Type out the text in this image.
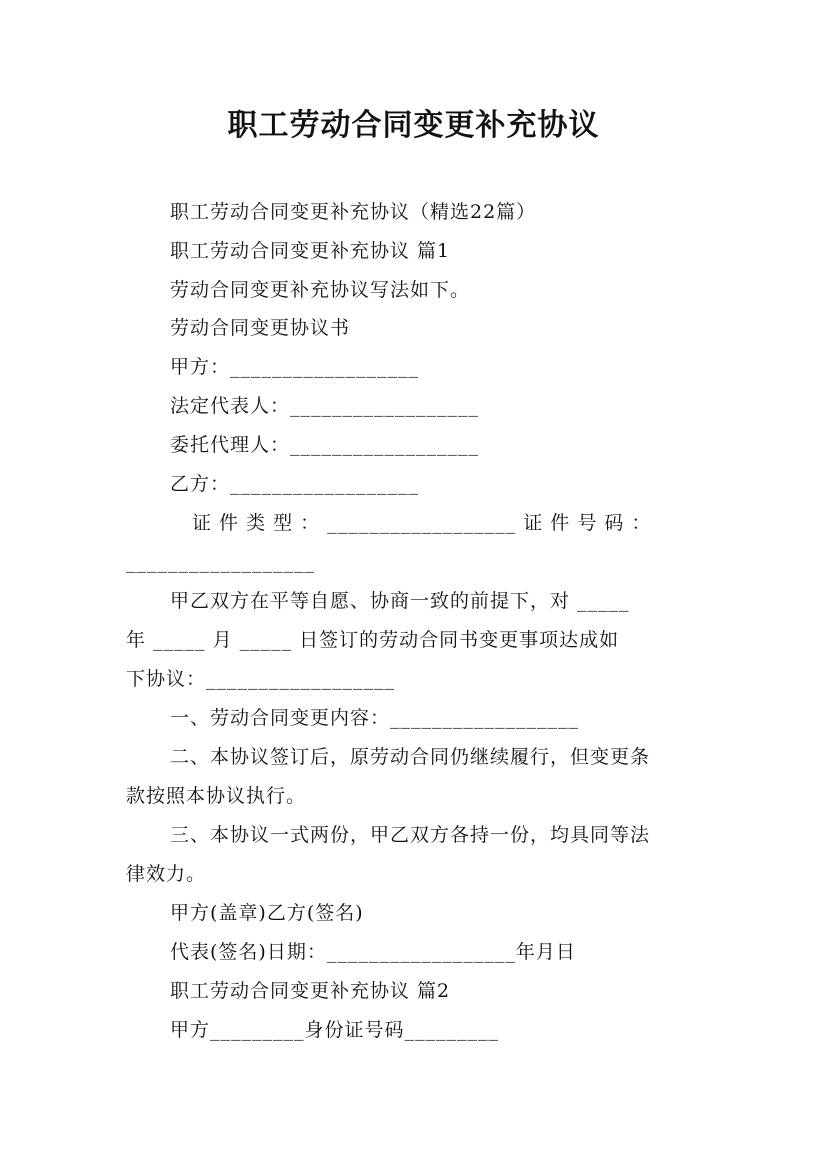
职工劳动合同变更补充协议
职工劳动合同变更补充协议（精选22篇）
职工劳动合同变更补充协议 篇1
劳动合同变更补充协议写法如下。
劳动合同变更协议书
甲方：__________________
法定代表人：__________________
委托代理人：__________________
乙方：__________________
证 件 类 型 ： __________________ 证 件 号 码 ：
__________________
甲乙双方在平等自愿、协商一致的前提下，对 _____
年 _____ 月 _____ 日签订的劳动合同书变更事项达成如
下协议：__________________
一、劳动合同变更内容：__________________
二、本协议签订后，原劳动合同仍继续履行，但变更条
款按照本协议执行。
三、本协议一式两份，甲乙双方各持一份，均具同等法
律效力。
甲方(盖章)乙方(签名)
代表(签名)日期：__________________年月日
职工劳动合同变更补充协议 篇2
甲方_________身份证号码_________
